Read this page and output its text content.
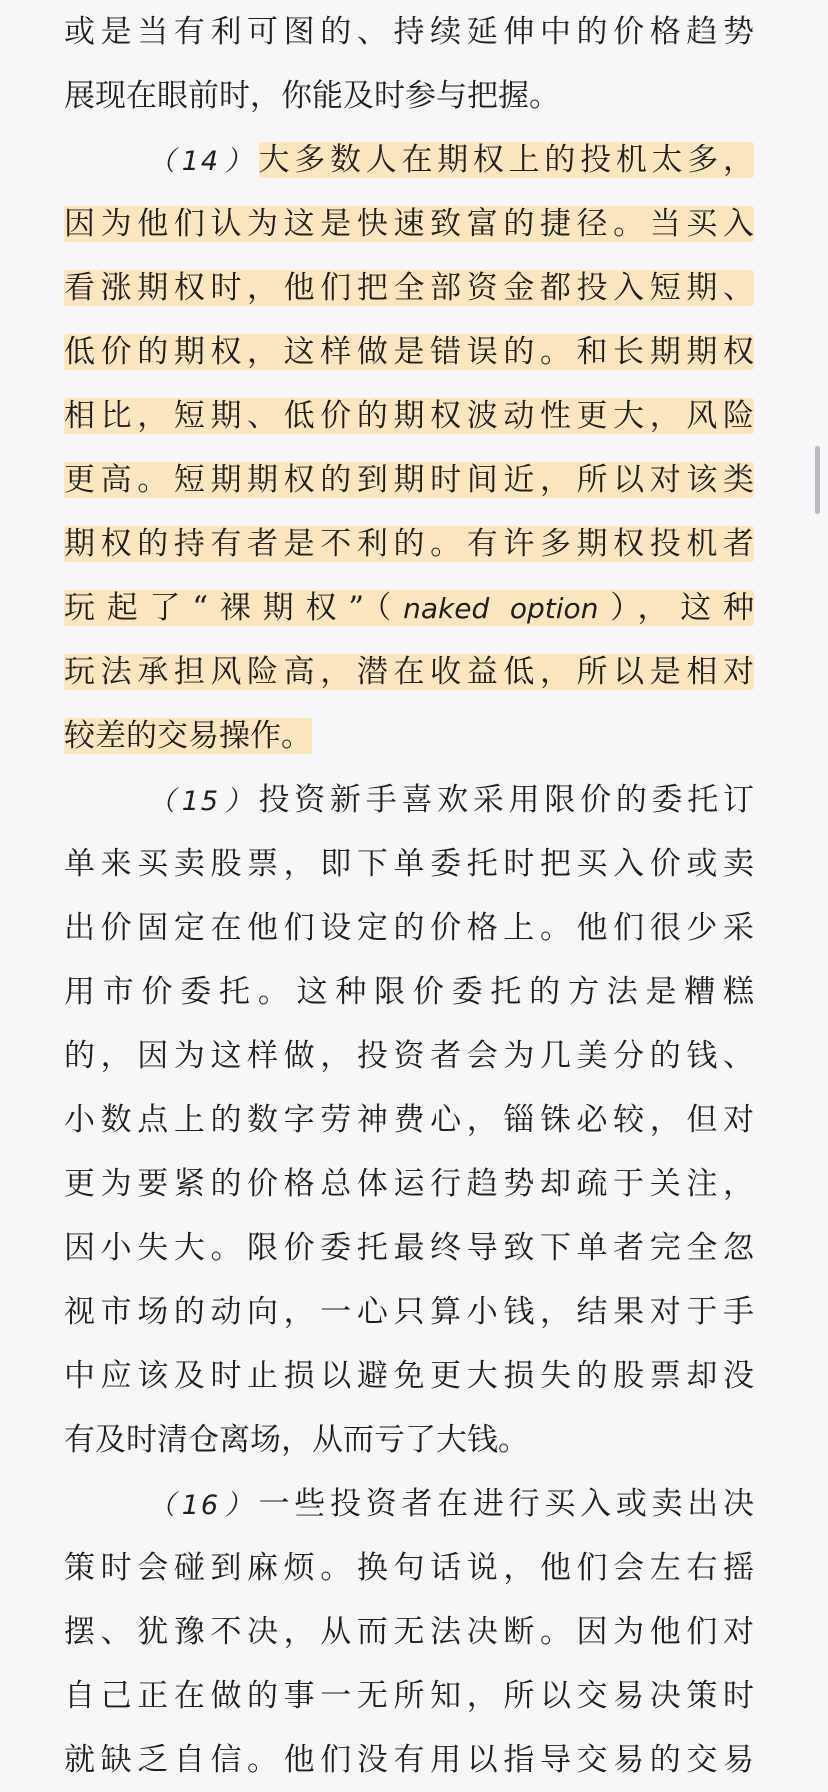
或是当有利可图的、持续延伸中的价格趋势
展现在眼前时，你能及时参与把握。
（14）大多数人在期权上的投机太多，
因为他们认为这是快速致富的捷径。当买入
看涨期权时，他们把全部资金都投入短期、
低价的期权，这样做是错误的。和长期期权
相比，短期、低价的期权波动性更大，风险
更高。短期期权的到期时间近，所以对该类
期权的持有者是不利的。有许多期权投机者
玩起了“裸期权”（naked option），这种
玩法承担风险高，潜在收益低，所以是相对
较差的交易操作。
（15）投资新手喜欢采用限价的委托订
单来买卖股票，即下单委托时把买入价或卖
出价固定在他们设定的价格上。他们很少采
用市价委托。这种限价委托的方法是糟糕
的，因为这样做，投资者会为几美分的钱、
小数点上的数字劳神费心，锱铢必较，但对
更为要紧的价格总体运行趋势却疏于关注，
因小失大。限价委托最终导致下单者完全忽
视市场的动向，一心只算小钱，结果对于手
中应该及时止损以避免更大损失的股票却没
有及时清仓离场，从而亏了大钱。
（16）一些投资者在进行买入或卖出决
策时会碰到麻烦。换句话说，他们会左右摇
摆、犹豫不决，从而无法决断。因为他们对
自己正在做的事一无所知，所以交易决策时
就缺乏自信。他们没有用以指导交易的交易
